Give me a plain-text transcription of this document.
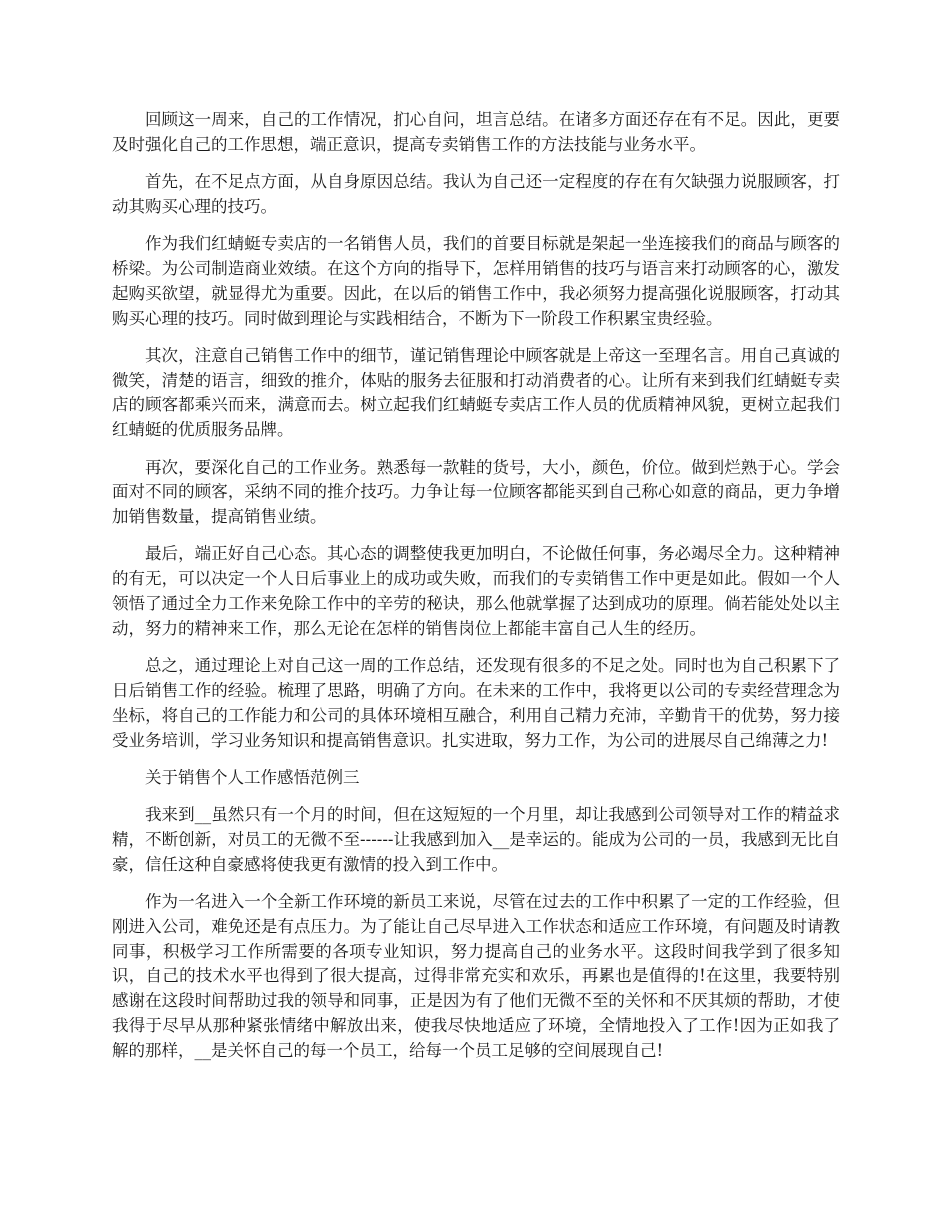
回顾这一周来，自己的工作情况，扪心自问，坦言总结。在诸多方面还存在有不足。因此，更要及时强化自己的工作思想，端正意识，提高专卖销售工作的方法技能与业务水平。

首先，在不足点方面，从自身原因总结。我认为自己还一定程度的存在有欠缺强力说服顾客，打动其购买心理的技巧。

作为我们红蜻蜓专卖店的一名销售人员，我们的首要目标就是架起一坐连接我们的商品与顾客的桥梁。为公司制造商业效绩。在这个方向的指导下，怎样用销售的技巧与语言来打动顾客的心，激发起购买欲望，就显得尤为重要。因此，在以后的销售工作中，我必须努力提高强化说服顾客，打动其购买心理的技巧。同时做到理论与实践相结合，不断为下一阶段工作积累宝贵经验。

其次，注意自己销售工作中的细节，谨记销售理论中顾客就是上帝这一至理名言。用自己真诚的微笑，清楚的语言，细致的推介，体贴的服务去征服和打动消费者的心。让所有来到我们红蜻蜓专卖店的顾客都乘兴而来，满意而去。树立起我们红蜻蜓专卖店工作人员的优质精神风貌，更树立起我们红蜻蜓的优质服务品牌。

再次，要深化自己的工作业务。熟悉每一款鞋的货号，大小，颜色，价位。做到烂熟于心。学会面对不同的顾客，采纳不同的推介技巧。力争让每一位顾客都能买到自己称心如意的商品，更力争增加销售数量，提高销售业绩。

最后，端正好自己心态。其心态的调整使我更加明白，不论做任何事，务必竭尽全力。这种精神的有无，可以决定一个人日后事业上的成功或失败，而我们的专卖销售工作中更是如此。假如一个人领悟了通过全力工作来免除工作中的辛劳的秘诀，那么他就掌握了达到成功的原理。倘若能处处以主动，努力的精神来工作，那么无论在怎样的销售岗位上都能丰富自己人生的经历。

总之，通过理论上对自己这一周的工作总结，还发现有很多的不足之处。同时也为自己积累下了日后销售工作的经验。梳理了思路，明确了方向。在未来的工作中，我将更以公司的专卖经营理念为坐标，将自己的工作能力和公司的具体环境相互融合，利用自己精力充沛，辛勤肯干的优势，努力接受业务培训，学习业务知识和提高销售意识。扎实进取，努力工作，为公司的进展尽自己绵薄之力!

关于销售个人工作感悟范例三

我来到__虽然只有一个月的时间，但在这短短的一个月里，却让我感到公司领导对工作的精益求精，不断创新，对员工的无微不至------让我感到加入__是幸运的。能成为公司的一员，我感到无比自豪，信任这种自豪感将使我更有激情的投入到工作中。

作为一名进入一个全新工作环境的新员工来说，尽管在过去的工作中积累了一定的工作经验，但刚进入公司，难免还是有点压力。为了能让自己尽早进入工作状态和适应工作环境，有问题及时请教同事，积极学习工作所需要的各项专业知识，努力提高自己的业务水平。这段时间我学到了很多知识，自己的技术水平也得到了很大提高，过得非常充实和欢乐，再累也是值得的!在这里，我要特别感谢在这段时间帮助过我的领导和同事，正是因为有了他们无微不至的关怀和不厌其烦的帮助，才使我得于尽早从那种紧张情绪中解放出来，使我尽快地适应了环境，全情地投入了工作!因为正如我了解的那样，__是关怀自己的每一个员工，给每一个员工足够的空间展现自己!
